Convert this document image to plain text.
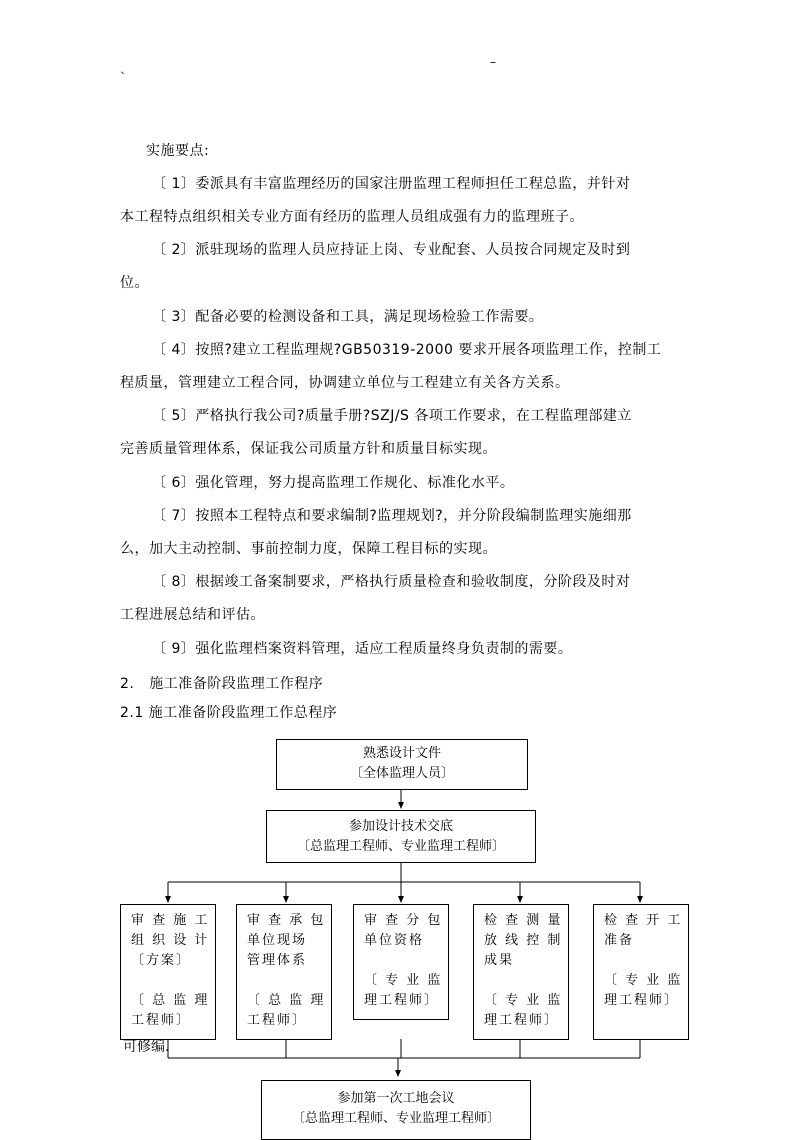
ˎ	–
实施要点:
〔 1〕委派具有丰富监理经历的国家注册监理工程师担任工程总监，并针对
本工程特点组织相关专业方面有经历的监理人员组成强有力的监理班子。
〔 2〕派驻现场的监理人员应持证上岗、专业配套、人员按合同规定及时到
位。
〔 3〕配备必要的检测设备和工具，满足现场检验工作需要。
〔 4〕按照?建立工程监理规?GB50319-2000 要求开展各项监理工作，控制工
程质量，管理建立工程合同，协调建立单位与工程建立有关各方关系。
〔 5〕严格执行我公司?质量手册?SZJ/S 各项工作要求，在工程监理部建立
完善质量管理体系，保证我公司质量方针和质量目标实现。
〔 6〕强化管理，努力提高监理工作规化、标准化水平。
〔 7〕按照本工程特点和要求编制?监理规划?，并分阶段编制监理实施细那
么，加大主动控制、事前控制力度，保障工程目标的实现。
〔 8〕根据竣工备案制要求，严格执行质量检查和验收制度，分阶段及时对
工程进展总结和评估。
〔 9〕强化监理档案资料管理，适应工程质量终身负责制的需要。
2.   施工准备阶段监理工作程序
2.1 施工准备阶段监理工作总程序
熟悉设计文件
〔全体监理人员〕
参加设计技术交底
〔总监理工程师、专业监理工程师〕
审 查 施 工
组 织 设 计
〔方案〕

〔 总 监 理
工程师〕
审 查 承 包
单位现场
管理体系

〔 总 监 理
工程师〕
审 查 分 包
单位资格

〔 专 业 监
理工程师〕
检 查 测 量
放 线 控 制
成果

〔 专 业 监
理工程师〕
检 查 开 工
准备

〔 专 业 监
理工程师〕
可修编.
参加第一次工地会议
〔总监理工程师、专业监理工程师〕
